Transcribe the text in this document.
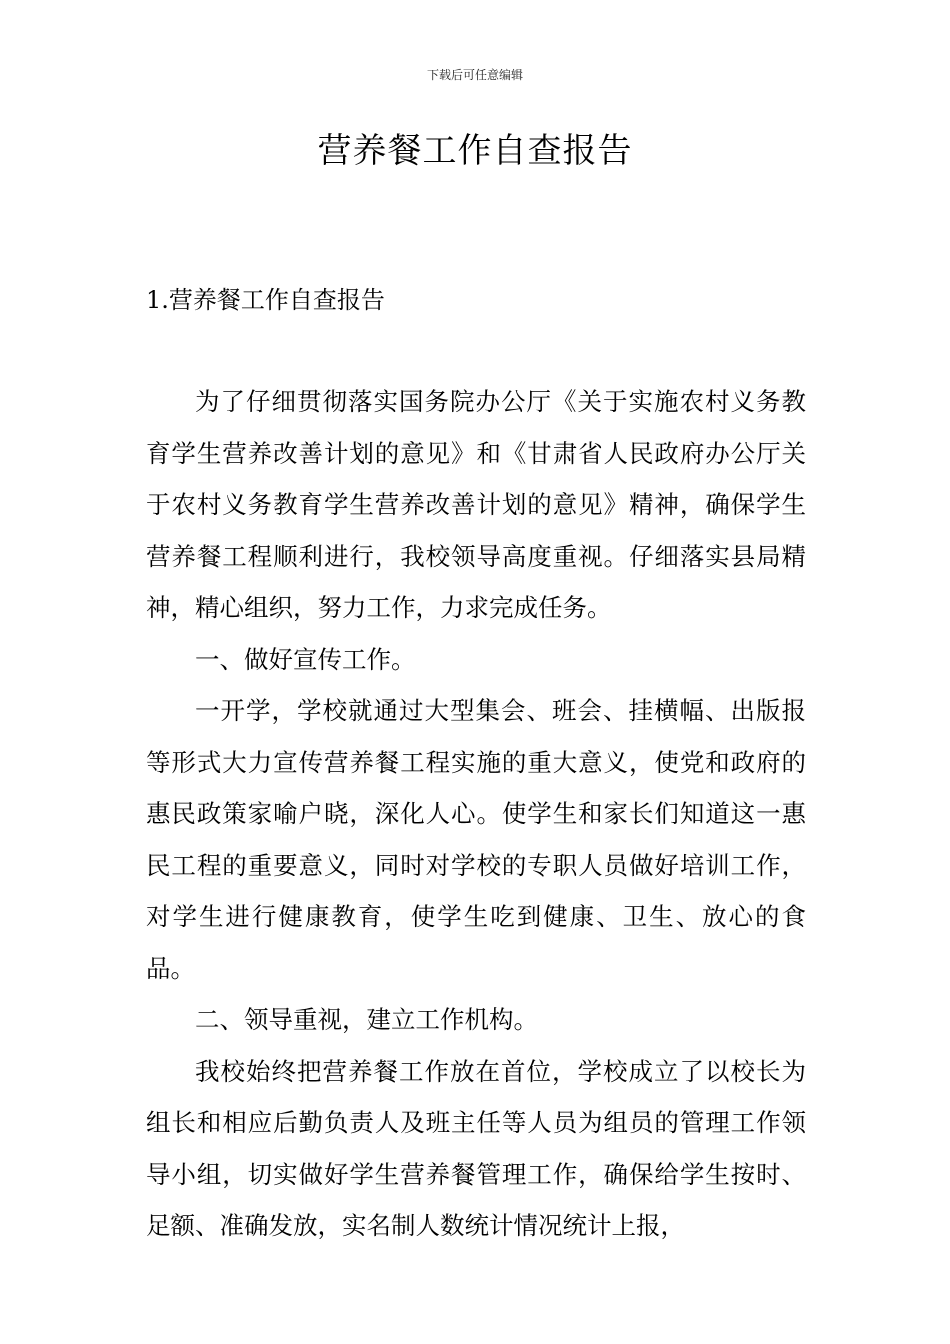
下载后可任意编辑
营养餐工作自查报告
1.营养餐工作自查报告

为了仔细贯彻落实国务院办公厅《关于实施农村义务教育学生营养改善计划的意见》和《甘肃省人民政府办公厅关于农村义务教育学生营养改善计划的意见》精神，确保学生营养餐工程顺利进行，我校领导高度重视。仔细落实县局精神，精心组织，努力工作，力求完成任务。

一、做好宣传工作。

一开学，学校就通过大型集会、班会、挂横幅、出版报等形式大力宣传营养餐工程实施的重大意义，使党和政府的惠民政策家喻户晓，深化人心。使学生和家长们知道这一惠民工程的重要意义，同时对学校的专职人员做好培训工作，对学生进行健康教育，使学生吃到健康、卫生、放心的食品。

二、领导重视，建立工作机构。

我校始终把营养餐工作放在首位，学校成立了以校长为组长和相应后勤负责人及班主任等人员为组员的管理工作领导小组，切实做好学生营养餐管理工作，确保给学生按时、足额、准确发放，实名制人数统计情况统计上报，
